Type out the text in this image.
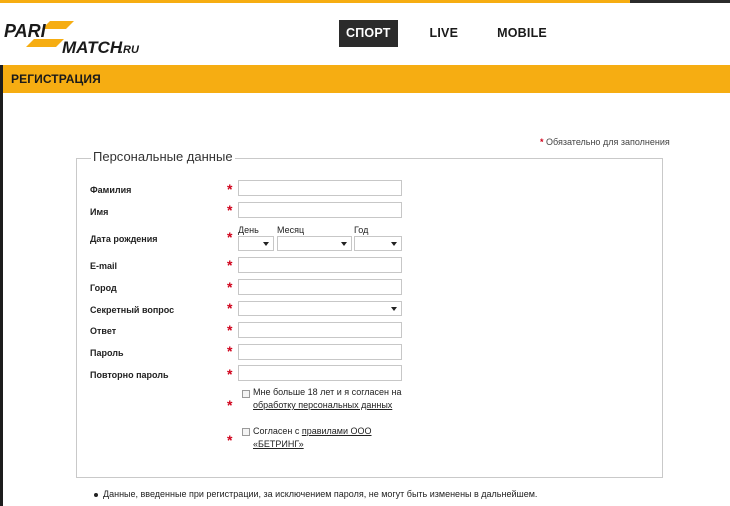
PARI
MATCH
.RU
СПОРТ	LIVE	MOBILE
РЕГИСТРАЦИЯ
* Обязательно для заполнения
Персональные данные
Фамилия	*
Имя	*
Дата рождения	* День Месяц	Год
E-mail	*
Город	*
Секретный вопрос	*
Ответ	*
Пароль	*
Повторно пароль	*
*
Мне больше 18 лет и я согласен на
обработку персональных данных
*
Согласен с правилами ООО
«БЕТРИНГ»
Данные, введенные при регистрации, за исключением пароля, не могут быть изменены в дальнейшем.
